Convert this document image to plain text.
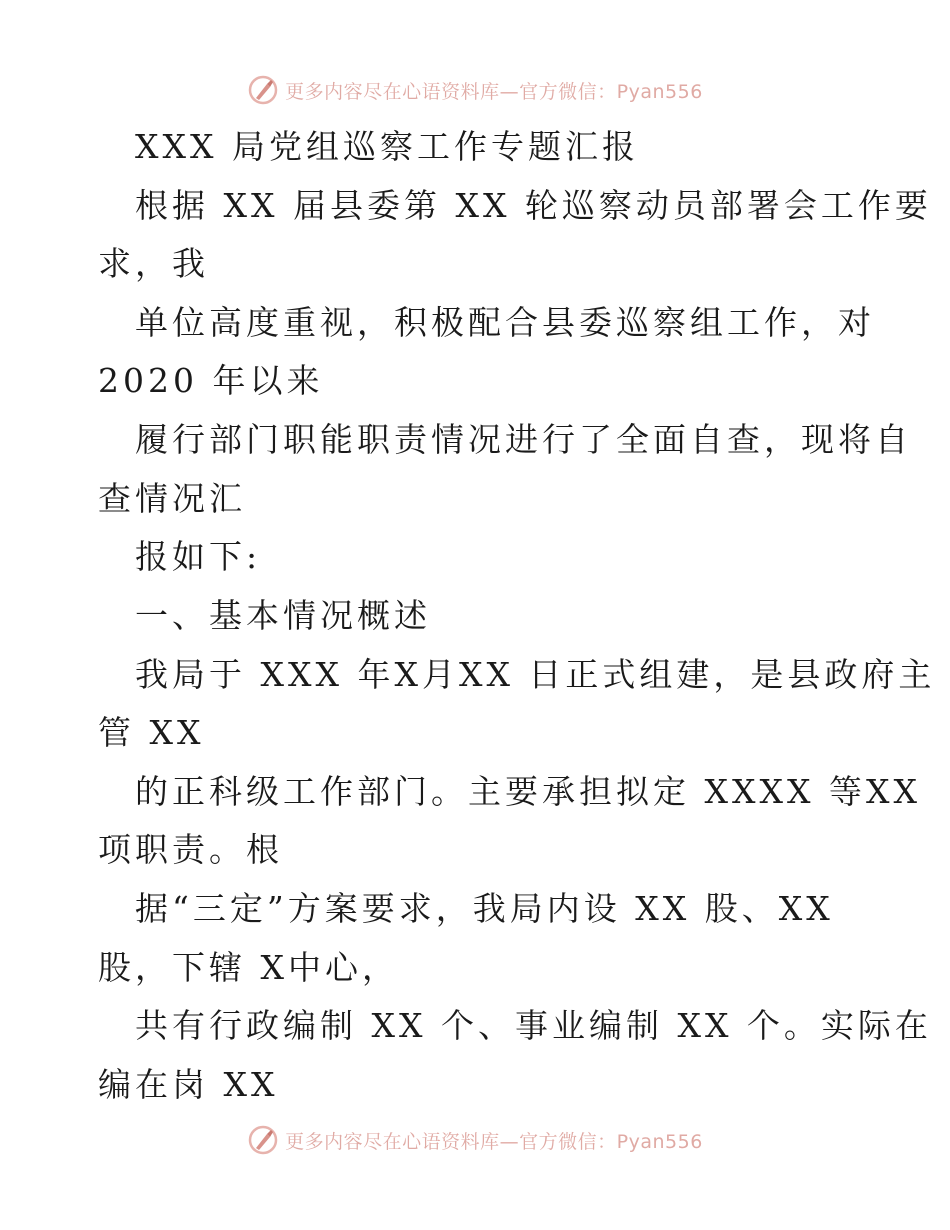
更多内容尽在心语资料库—官方微信：Pyan556
XXX 局党组巡察工作专题汇报
根据 XX 届县委第 XX 轮巡察动员部署会工作要
求，我
单位高度重视，积极配合县委巡察组工作，对
2020 年以来
履行部门职能职责情况进行了全面自查，现将自
查情况汇
报如下:
一、基本情况概述
我局于 XXX 年X月XX 日正式组建，是县政府主
管 XX
的正科级工作部门。主要承担拟定 XXXX 等XX
项职责。根
据“三定”方案要求，我局内设 XX 股、XX
股，下辖 X中心，
共有行政编制 XX 个、事业编制 XX 个。实际在
编在岗 XX
更多内容尽在心语资料库—官方微信：Pyan556
